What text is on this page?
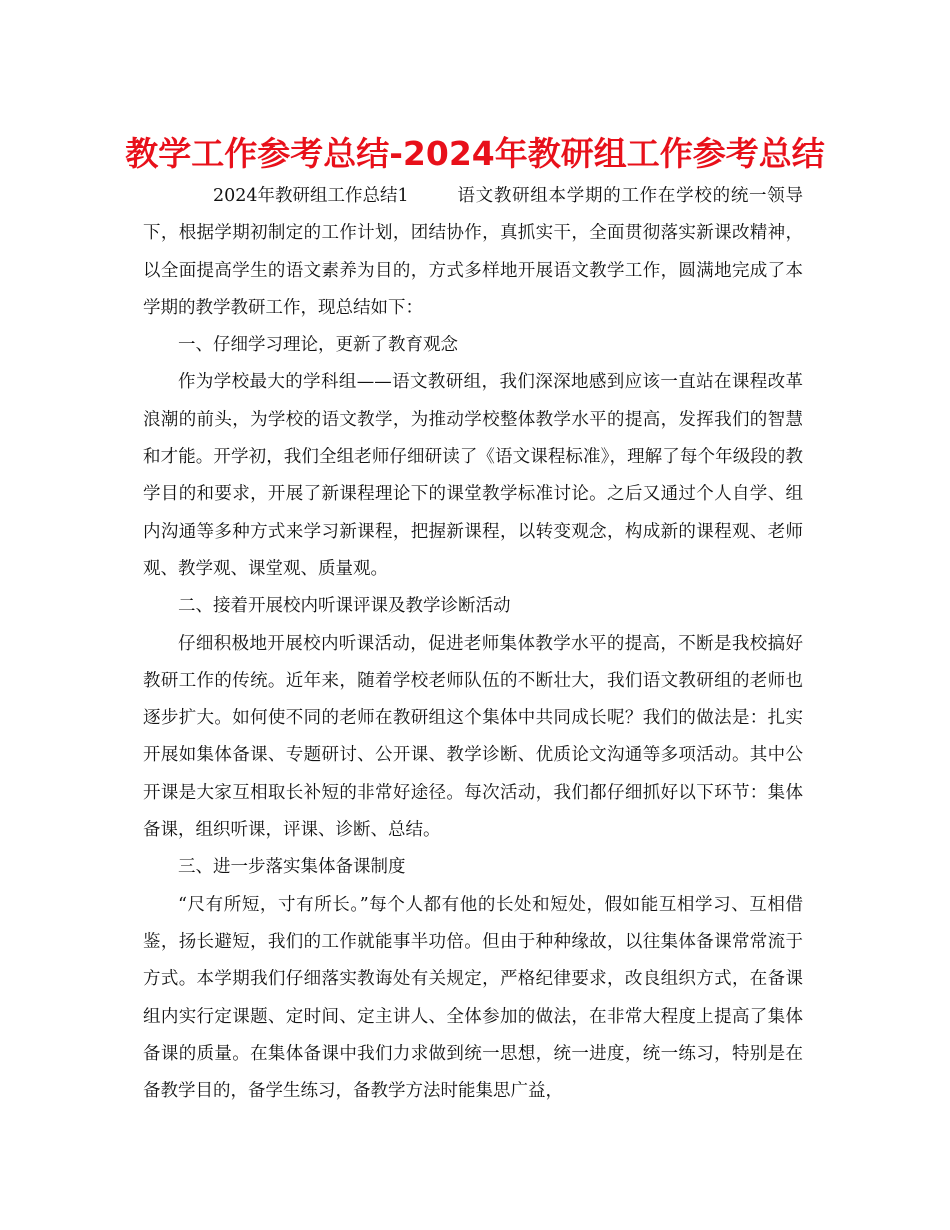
教学工作参考总结-2024年教研组工作参考总结

2024年教研组工作总结1	语文教研组本学期的工作在学校的统一领导下，根据学期初制定的工作计划，团结协作，真抓实干，全面贯彻落实新课改精神，以全面提高学生的语文素养为目的，方式多样地开展语文教学工作，圆满地完成了本学期的教学教研工作，现总结如下：

一、仔细学习理论，更新了教育观念

作为学校最大的学科组——语文教研组，我们深深地感到应该一直站在课程改革浪潮的前头，为学校的语文教学，为推动学校整体教学水平的提高，发挥我们的智慧和才能。开学初，我们全组老师仔细研读了《语文课程标准》，理解了每个年级段的教学目的和要求，开展了新课程理论下的课堂教学标准讨论。之后又通过个人自学、组内沟通等多种方式来学习新课程，把握新课程，以转变观念，构成新的课程观、老师观、教学观、课堂观、质量观。

二、接着开展校内听课评课及教学诊断活动

仔细积极地开展校内听课活动，促进老师集体教学水平的提高，不断是我校搞好教研工作的传统。近年来，随着学校老师队伍的不断壮大，我们语文教研组的老师也逐步扩大。如何使不同的老师在教研组这个集体中共同成长呢？我们的做法是：扎实开展如集体备课、专题研讨、公开课、教学诊断、优质论文沟通等多项活动。其中公开课是大家互相取长补短的非常好途径。每次活动，我们都仔细抓好以下环节：集体备课，组织听课，评课、诊断、总结。

三、进一步落实集体备课制度

“尺有所短，寸有所长。”每个人都有他的长处和短处，假如能互相学习、互相借鉴，扬长避短，我们的工作就能事半功倍。但由于种种缘故，以往集体备课常常流于方式。本学期我们仔细落实教诲处有关规定，严格纪律要求，改良组织方式，在备课组内实行定课题、定时间、定主讲人、全体参加的做法，在非常大程度上提高了集体备课的质量。在集体备课中我们力求做到统一思想，统一进度，统一练习，特别是在备教学目的，备学生练习，备教学方法时能集思广益，
